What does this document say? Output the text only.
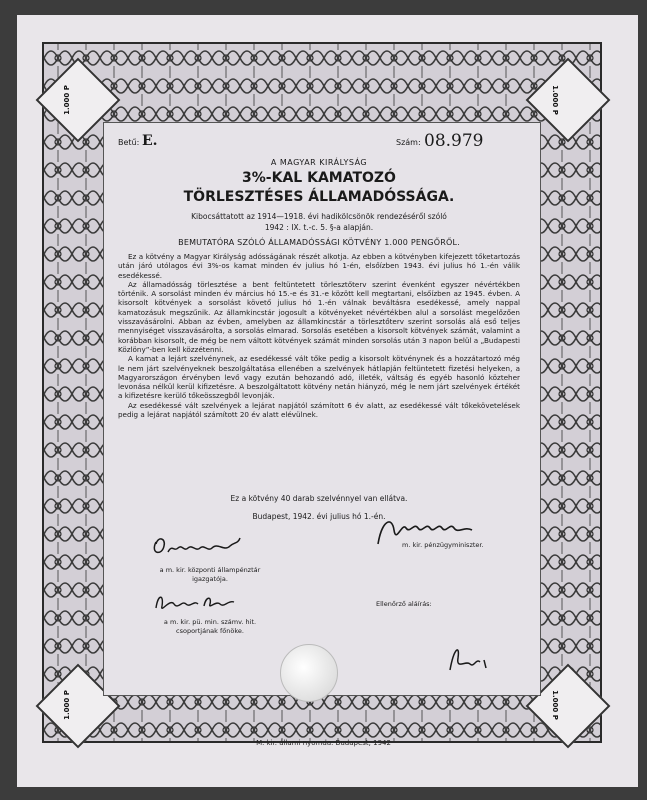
1.000 P	1.000 P
1.000 P	1.000 P
Betű: E.	Szám: 08.979
A MAGYAR KIRÁLYSÁG
3%-KAL KAMATOZÓ
TÖRLESZTÉSES ÁLLAMADÓSSÁGA.
Kibocsáttatott az 1914—1918. évi hadikölcsönök rendezéséről szóló
1942 : IX. t.-c. 5. §-a alapján.
BEMUTATÓRA SZÓLÓ ÁLLAMADÓSSÁGI KÖTVÉNY 1.000 PENGŐRŐL.

Ez a kötvény a Magyar Királyság adósságának részét alkotja. Az ebben a kötvényben kifejezett tőketartozás után járó utólagos évi 3%-os kamat minden év julius hó 1-én, elsőízben 1943. évi julius hó 1.-én válik esedékessé.

Az államadósság törlesztése a bent feltüntetett törlesztőterv szerint évenként egyszer névértékben történik. A sorsolást minden év március hó 15.-e és 31.-e között kell megtartani, elsőízben az 1945. évben. A kisorsolt kötvények a sorsolást követő julius hó 1.-én válnak beváltásra esedékessé, amely nappal kamatozásuk megszűnik. Az államkincstár jogosult a kötvényeket névértékben alul a sorsolást megelőzően visszavásárolni. Abban az évben, amelyben az államkincstár a törlesztőterv szerint sorsolás alá eső teljes mennyiséget visszavásárolta, a sorsolás elmarad. Sorsolás esetében a kisorsolt kötvények számát, valamint a korábban kisorsolt, de még be nem váltott kötvények számát minden sorsolás után 3 napon belül a „Budapesti Közlöny”-ben kell közzétenni.

A kamat a lejárt szelvénynek, az esedékessé vált tőke pedig a kisorsolt kötvénynek és a hozzátartozó még le nem járt szelvényeknek beszolgáltatása ellenében a szelvények hátlapján feltüntetett fizetési helyeken, a Magyarországon érvényben levő vagy ezután behozandó adó, illeték, váltság és egyéb hasonló közteher levonása nélkül kerül kifizetésre. A beszolgáltatott kötvény netán hiányzó, még le nem járt szelvények értékét a kifizetésre kerülő tőkeösszegből levonják.

Az esedékessé vált szelvények a lejárat napjától számított 6 év alatt, az esedékessé vált tőkekövetelések pedig a lejárat napjától számított 20 év alatt elévülnek.

Ez a kötvény 40 darab szelvénnyel van ellátva.
Budapest, 1942. évi julius hó 1.-én.
m. kir. pénzügyminiszter.
a m. kir. központi állampénztár
igazgatója.
a m. kir. pü. min. számv. hit.
csoportjának főnöke.
Ellenőrző aláírás:
M. kir. állami nyomda. Budapest, 1942
